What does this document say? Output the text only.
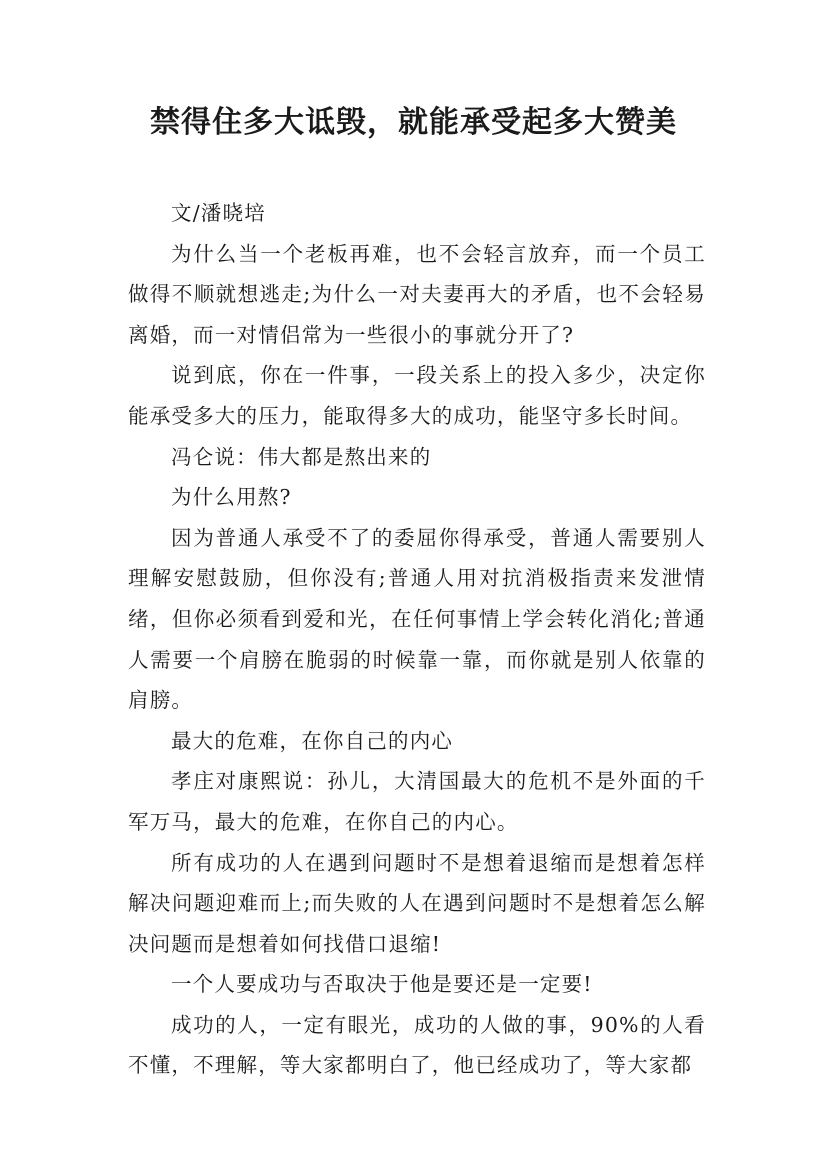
禁得住多大诋毁，就能承受起多大赞美

文/潘晓培

为什么当一个老板再难，也不会轻言放弃，而一个员工做得不顺就想逃走;为什么一对夫妻再大的矛盾，也不会轻易离婚，而一对情侣常为一些很小的事就分开了?

说到底，你在一件事，一段关系上的投入多少，决定你能承受多大的压力，能取得多大的成功，能坚守多长时间。

冯仑说：伟大都是熬出来的

为什么用熬?

因为普通人承受不了的委屈你得承受，普通人需要别人理解安慰鼓励，但你没有;普通人用对抗消极指责来发泄情绪，但你必须看到爱和光，在任何事情上学会转化消化;普通人需要一个肩膀在脆弱的时候靠一靠，而你就是别人依靠的肩膀。

最大的危难，在你自己的内心

孝庄对康熙说：孙儿，大清国最大的危机不是外面的千军万马，最大的危难，在你自己的内心。

所有成功的人在遇到问题时不是想着退缩而是想着怎样解决问题迎难而上;而失败的人在遇到问题时不是想着怎么解决问题而是想着如何找借口退缩!

一个人要成功与否取决于他是要还是一定要!

成功的人，一定有眼光，成功的人做的事，90%的人看不懂，不理解，等大家都明白了，他已经成功了，等大家都
